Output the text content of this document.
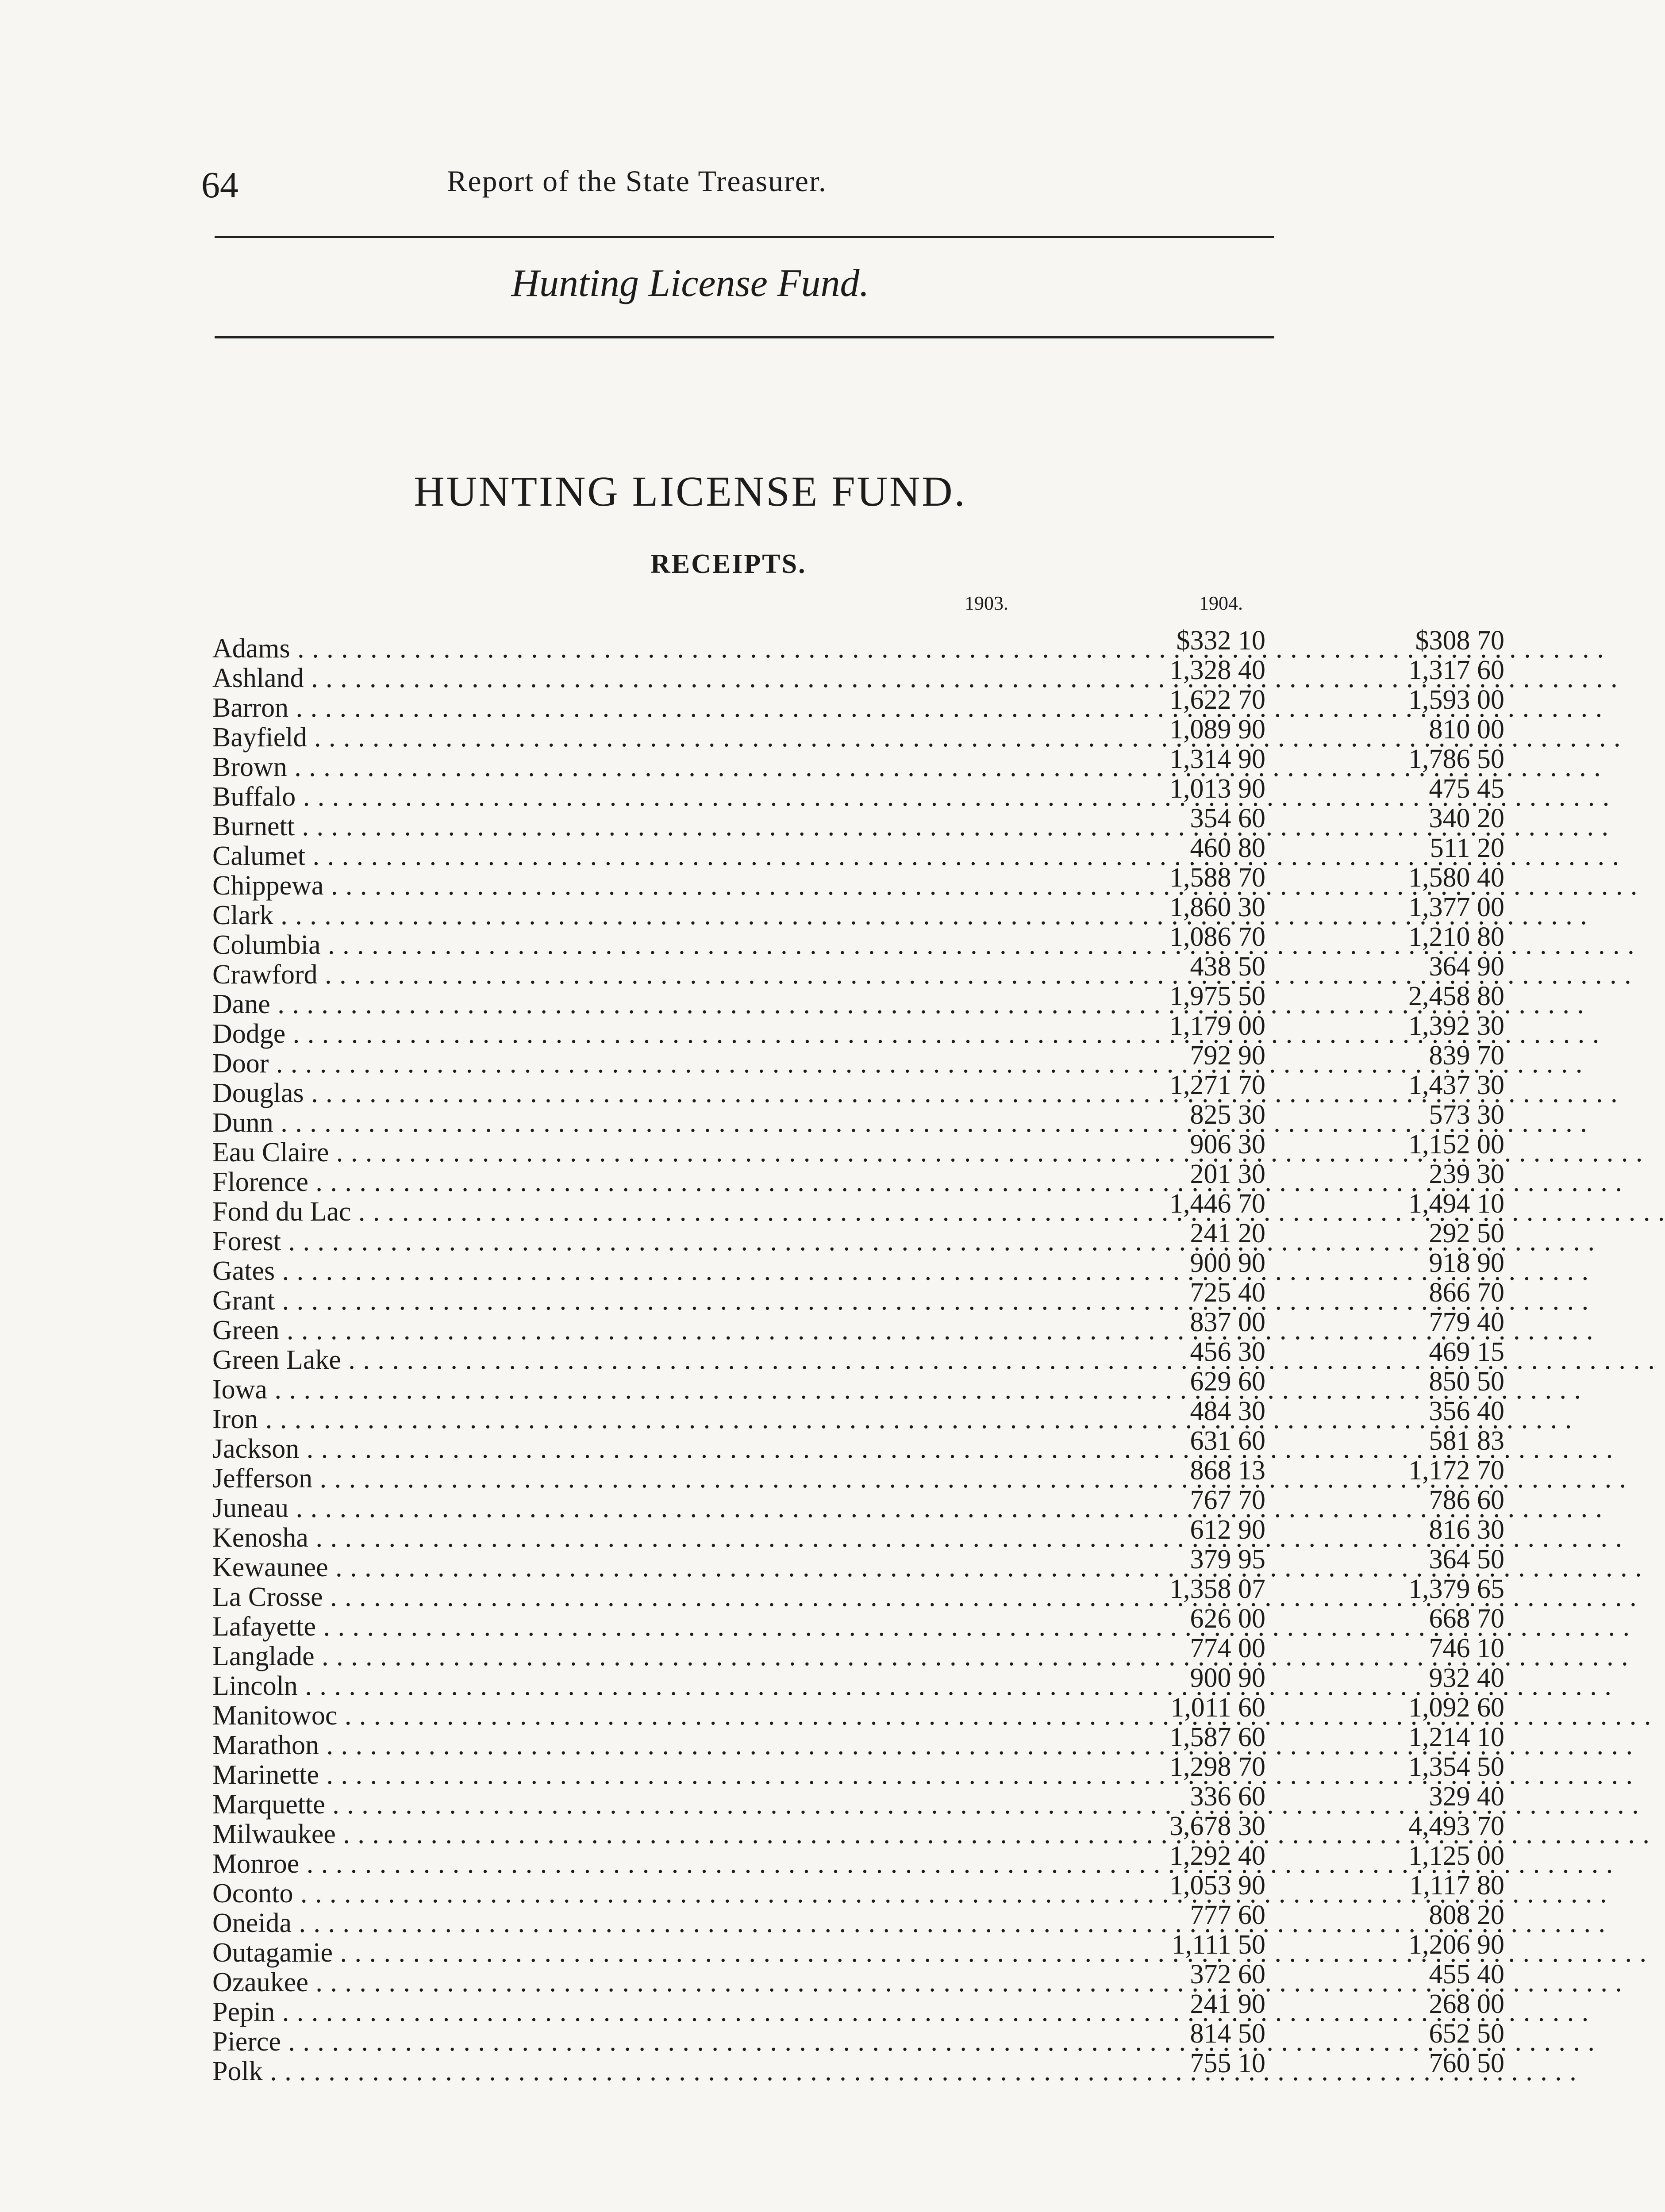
64	Report of the State Treasurer.
Hunting License Fund.
HUNTING LICENSE FUND.
RECEIPTS.
1903.	1904.
Adams . . .	$332 10	$308 70
Ashland . . .	1,328 40	1,317 60
Barron . . .	1,622 70	1,593 00
Bayfield . . .	1,089 90	810 00
Brown . . .	1,314 90	1,786 50
Buffalo . . .	1,013 90	475 45
Burnett . . .	354 60	340 20
Calumet . . .	460 80	511 20
Chippewa . . .	1,588 70	1,580 40
Clark . . .	1,860 30	1,377 00
Columbia . . .	1,086 70	1,210 80
Crawford . . .	438 50	364 90
Dane . . .	1,975 50	2,458 80
Dodge . . .	1,179 00	1,392 30
Door . . .	792 90	839 70
Douglas . . .	1,271 70	1,437 30
Dunn . . .	825 30	573 30
Eau Claire . . .	906 30	1,152 00
Florence . . .	201 30	239 30
Fond du Lac . . .	1,446 70	1,494 10
Forest . . .	241 20	292 50
Gates . . .	900 90	918 90
Grant . . .	725 40	866 70
Green . . .	837 00	779 40
Green Lake . . .	456 30	469 15
Iowa . . .	629 60	850 50
Iron . . .	484 30	356 40
Jackson . . .	631 60	581 83
Jefferson . . .	868 13	1,172 70
Juneau . . .	767 70	786 60
Kenosha . . .	612 90	816 30
Kewaunee . . .	379 95	364 50
La Crosse . . .	1,358 07	1,379 65
Lafayette . . .	626 00	668 70
Langlade . . .	774 00	746 10
Lincoln . . .	900 90	932 40
Manitowoc . . .	1,011 60	1,092 60
Marathon . . .	1,587 60	1,214 10
Marinette . . .	1,298 70	1,354 50
Marquette . . .	336 60	329 40
Milwaukee . . .	3,678 30	4,493 70
Monroe . . .	1,292 40	1,125 00
Oconto . . .	1,053 90	1,117 80
Oneida . . .	777 60	808 20
Outagamie . . .	1,111 50	1,206 90
Ozaukee . . .	372 60	455 40
Pepin . . .	241 90	268 00
Pierce . . .	814 50	652 50
Polk . . .	755 10	760 50
